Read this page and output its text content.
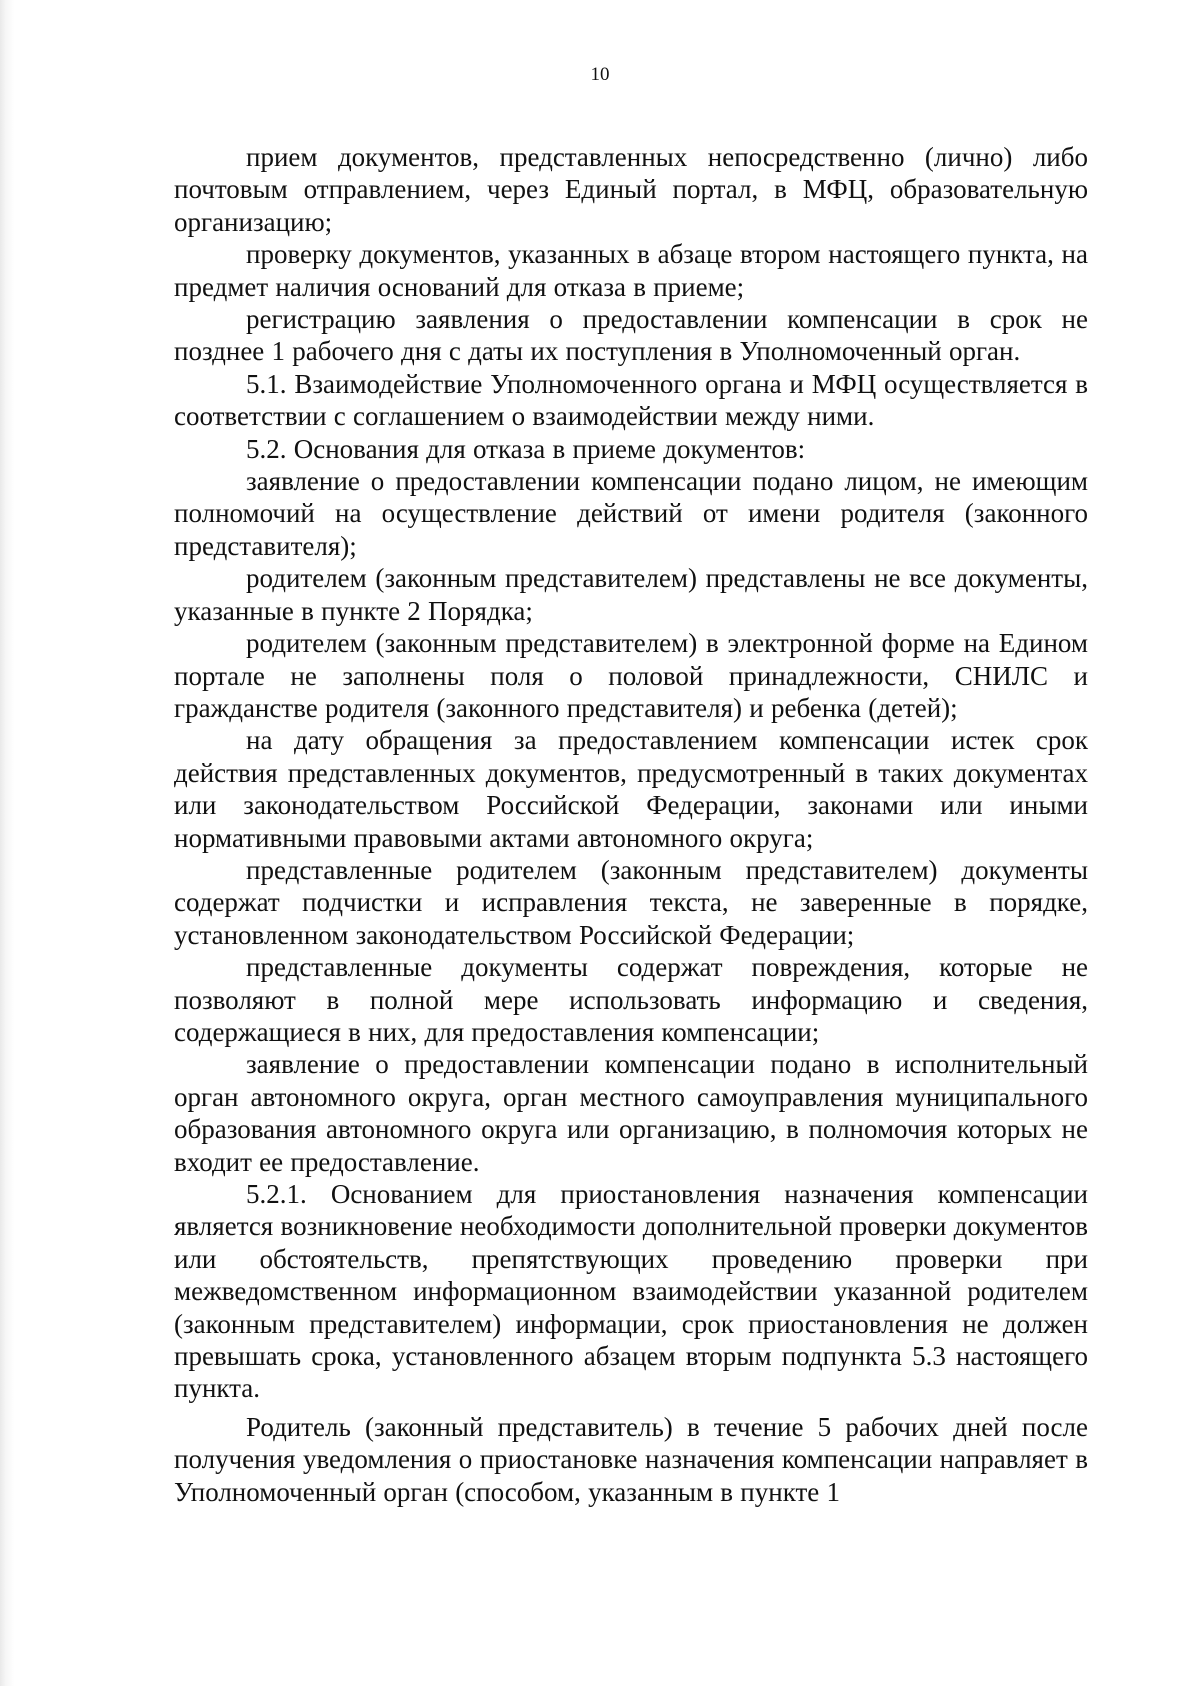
10

прием документов, представленных непосредственно (лично) либо почтовым отправлением, через Единый портал, в МФЦ, образовательную организацию;

проверку документов, указанных в абзаце втором настоящего пункта, на предмет наличия оснований для отказа в приеме;

регистрацию заявления о предоставлении компенсации в срок не позднее 1 рабочего дня с даты их поступления в Уполномоченный орган.

5.1. Взаимодействие Уполномоченного органа и МФЦ осуществляется в соответствии с соглашением о взаимодействии между ними.

5.2. Основания для отказа в приеме документов:

заявление о предоставлении компенсации подано лицом, не имеющим полномочий на осуществление действий от имени родителя (законного представителя);

родителем (законным представителем) представлены не все документы, указанные в пункте 2 Порядка;

родителем (законным представителем) в электронной форме на Едином портале не заполнены поля о половой принадлежности, СНИЛС и гражданстве родителя (законного представителя) и ребенка (детей);

на дату обращения за предоставлением компенсации истек срок действия представленных документов, предусмотренный в таких документах или законодательством Российской Федерации, законами или иными нормативными правовыми актами автономного округа;

представленные родителем (законным представителем) документы содержат подчистки и исправления текста, не заверенные в порядке, установленном законодательством Российской Федерации;

представленные документы содержат повреждения, которые не позволяют в полной мере использовать информацию и сведения, содержащиеся в них, для предоставления компенсации;

заявление о предоставлении компенсации подано в исполнительный орган автономного округа, орган местного самоуправления муниципального образования автономного округа или организацию, в полномочия которых не входит ее предоставление.

5.2.1. Основанием для приостановления назначения компенсации является возникновение необходимости дополнительной проверки документов или обстоятельств, препятствующих проведению проверки при межведомственном информационном взаимодействии указанной родителем (законным представителем) информации, срок приостановления не должен превышать срока, установленного абзацем вторым подпункта 5.3 настоящего пункта.

Родитель (законный представитель) в течение 5 рабочих дней после получения уведомления о приостановке назначения компенсации направляет в Уполномоченный орган (способом, указанным в пункте 1
